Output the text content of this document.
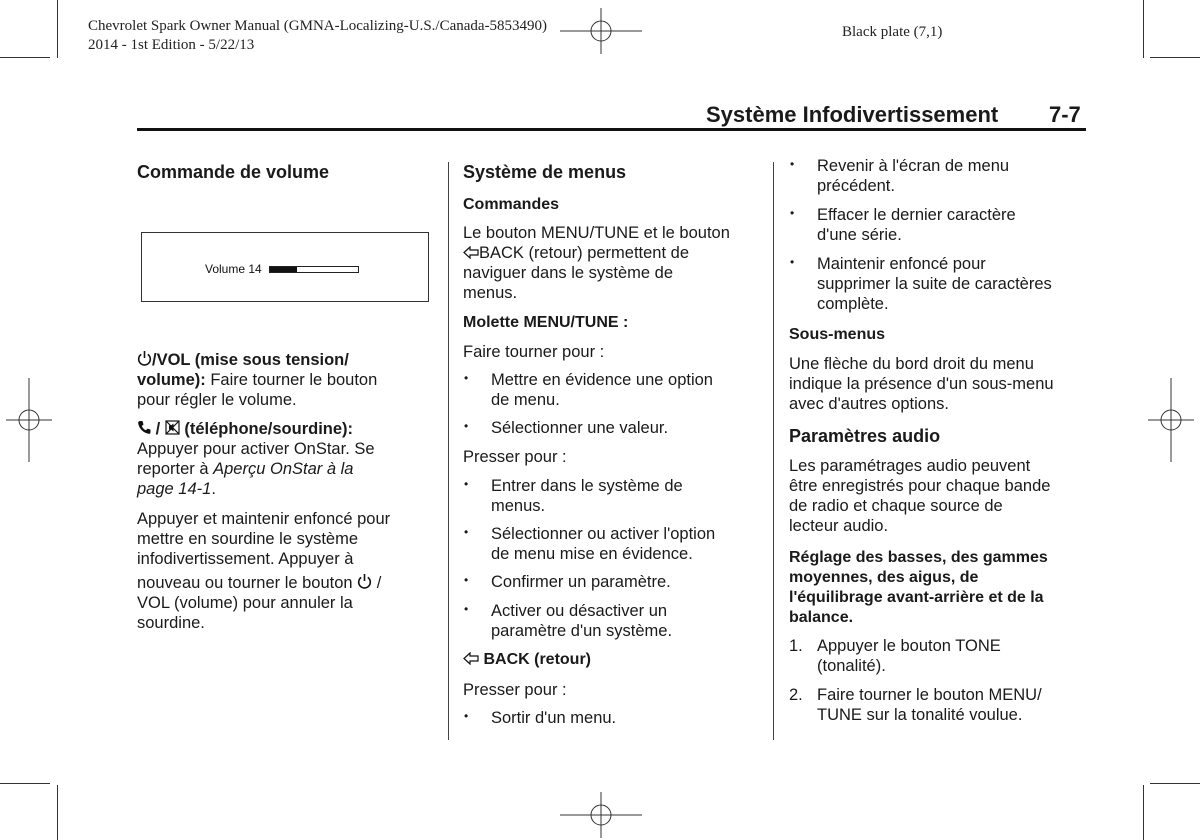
Chevrolet Spark Owner Manual (GMNA-Localizing-U.S./Canada-5853490)
2014 - 1st Edition - 5/22/13
Black plate (7,1)
Système Infodivertissement 7-7
Commande de volume
Volume 14
/VOL (mise sous tension/
volume): Faire tourner le bouton
pour régler le volume.
/  (téléphone/sourdine):
Appuyer pour activer OnStar. Se
reporter à Aperçu OnStar à la
page 14-1.
Appuyer et maintenir enfoncé pour
mettre en sourdine le système
infodivertissement. Appuyer à
nouveau ou tourner le bouton  /
VOL (volume) pour annuler la
sourdine.
Système de menus
Commandes
Le bouton MENU/TUNE et le bouton
BACK (retour) permettent de
naviguer dans le système de
menus.
Molette MENU/TUNE :
Faire tourner pour :
• Mettre en évidence une option
de menu.
• Sélectionner une valeur.
Presser pour :
• Entrer dans le système de
menus.
• Sélectionner ou activer l'option
de menu mise en évidence.
• Confirmer un paramètre.
• Activer ou désactiver un
paramètre d'un système.
BACK (retour)
Presser pour :
• Sortir d'un menu.
• Revenir à l'écran de menu
précédent.
• Effacer le dernier caractère
d'une série.
• Maintenir enfoncé pour
supprimer la suite de caractères
complète.
Sous-menus
Une flèche du bord droit du menu
indique la présence d'un sous-menu
avec d'autres options.
Paramètres audio
Les paramétrages audio peuvent
être enregistrés pour chaque bande
de radio et chaque source de
lecteur audio.
Réglage des basses, des gammes
moyennes, des aigus, de
l'équilibrage avant-arrière et de la
balance.
1. Appuyer le bouton TONE
(tonalité).
2. Faire tourner le bouton MENU/
TUNE sur la tonalité voulue.
